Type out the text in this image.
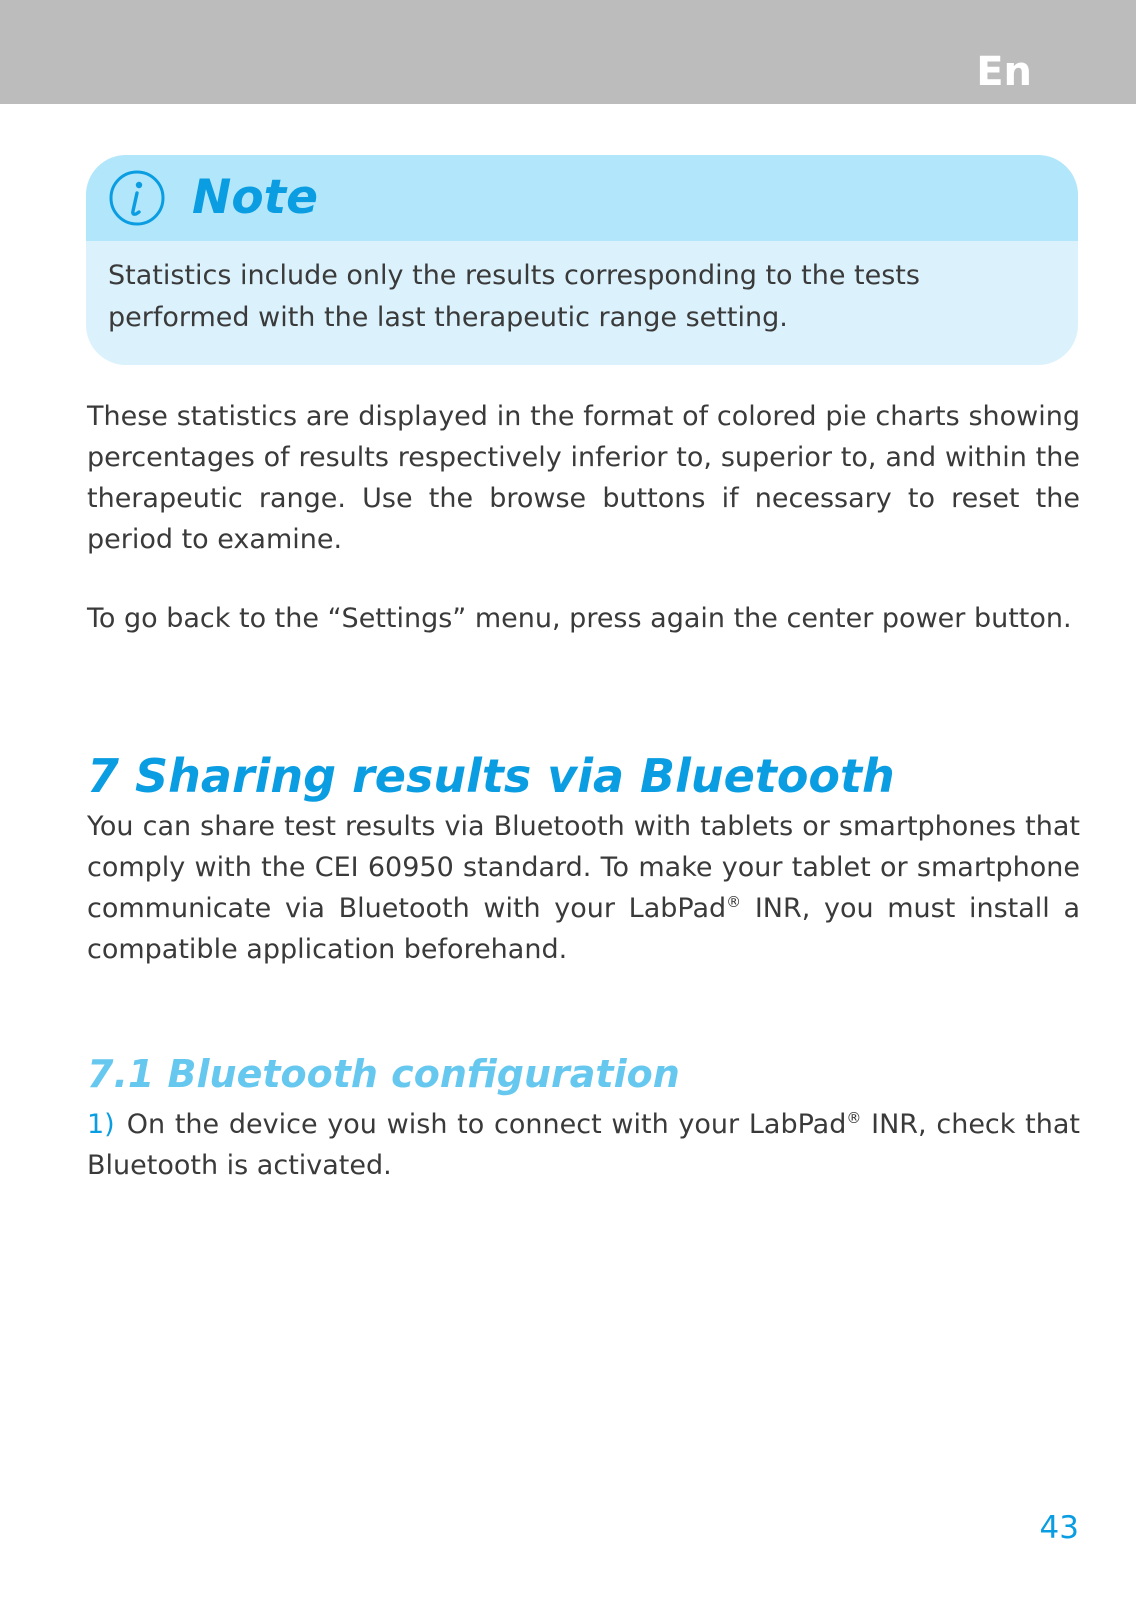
En
Note
Statistics include only the results corresponding to the tests performed with the last therapeutic range setting.
These statistics are displayed in the format of colored pie charts showing percentages of results respectively inferior to, superior to, and within the therapeutic range. Use the browse buttons if necessary to reset the period to examine.
To go back to the “Settings” menu, press again the center power button.
7 Sharing results via Bluetooth
You can share test results via Bluetooth with tablets or smartphones that comply with the CEI 60950 standard. To make your tablet or smartphone communicate via Bluetooth with your LabPad® INR, you must install a compatible application beforehand.
7.1 Bluetooth configuration
1) On the device you wish to connect with your LabPad® INR, check that Bluetooth is activated.
43
